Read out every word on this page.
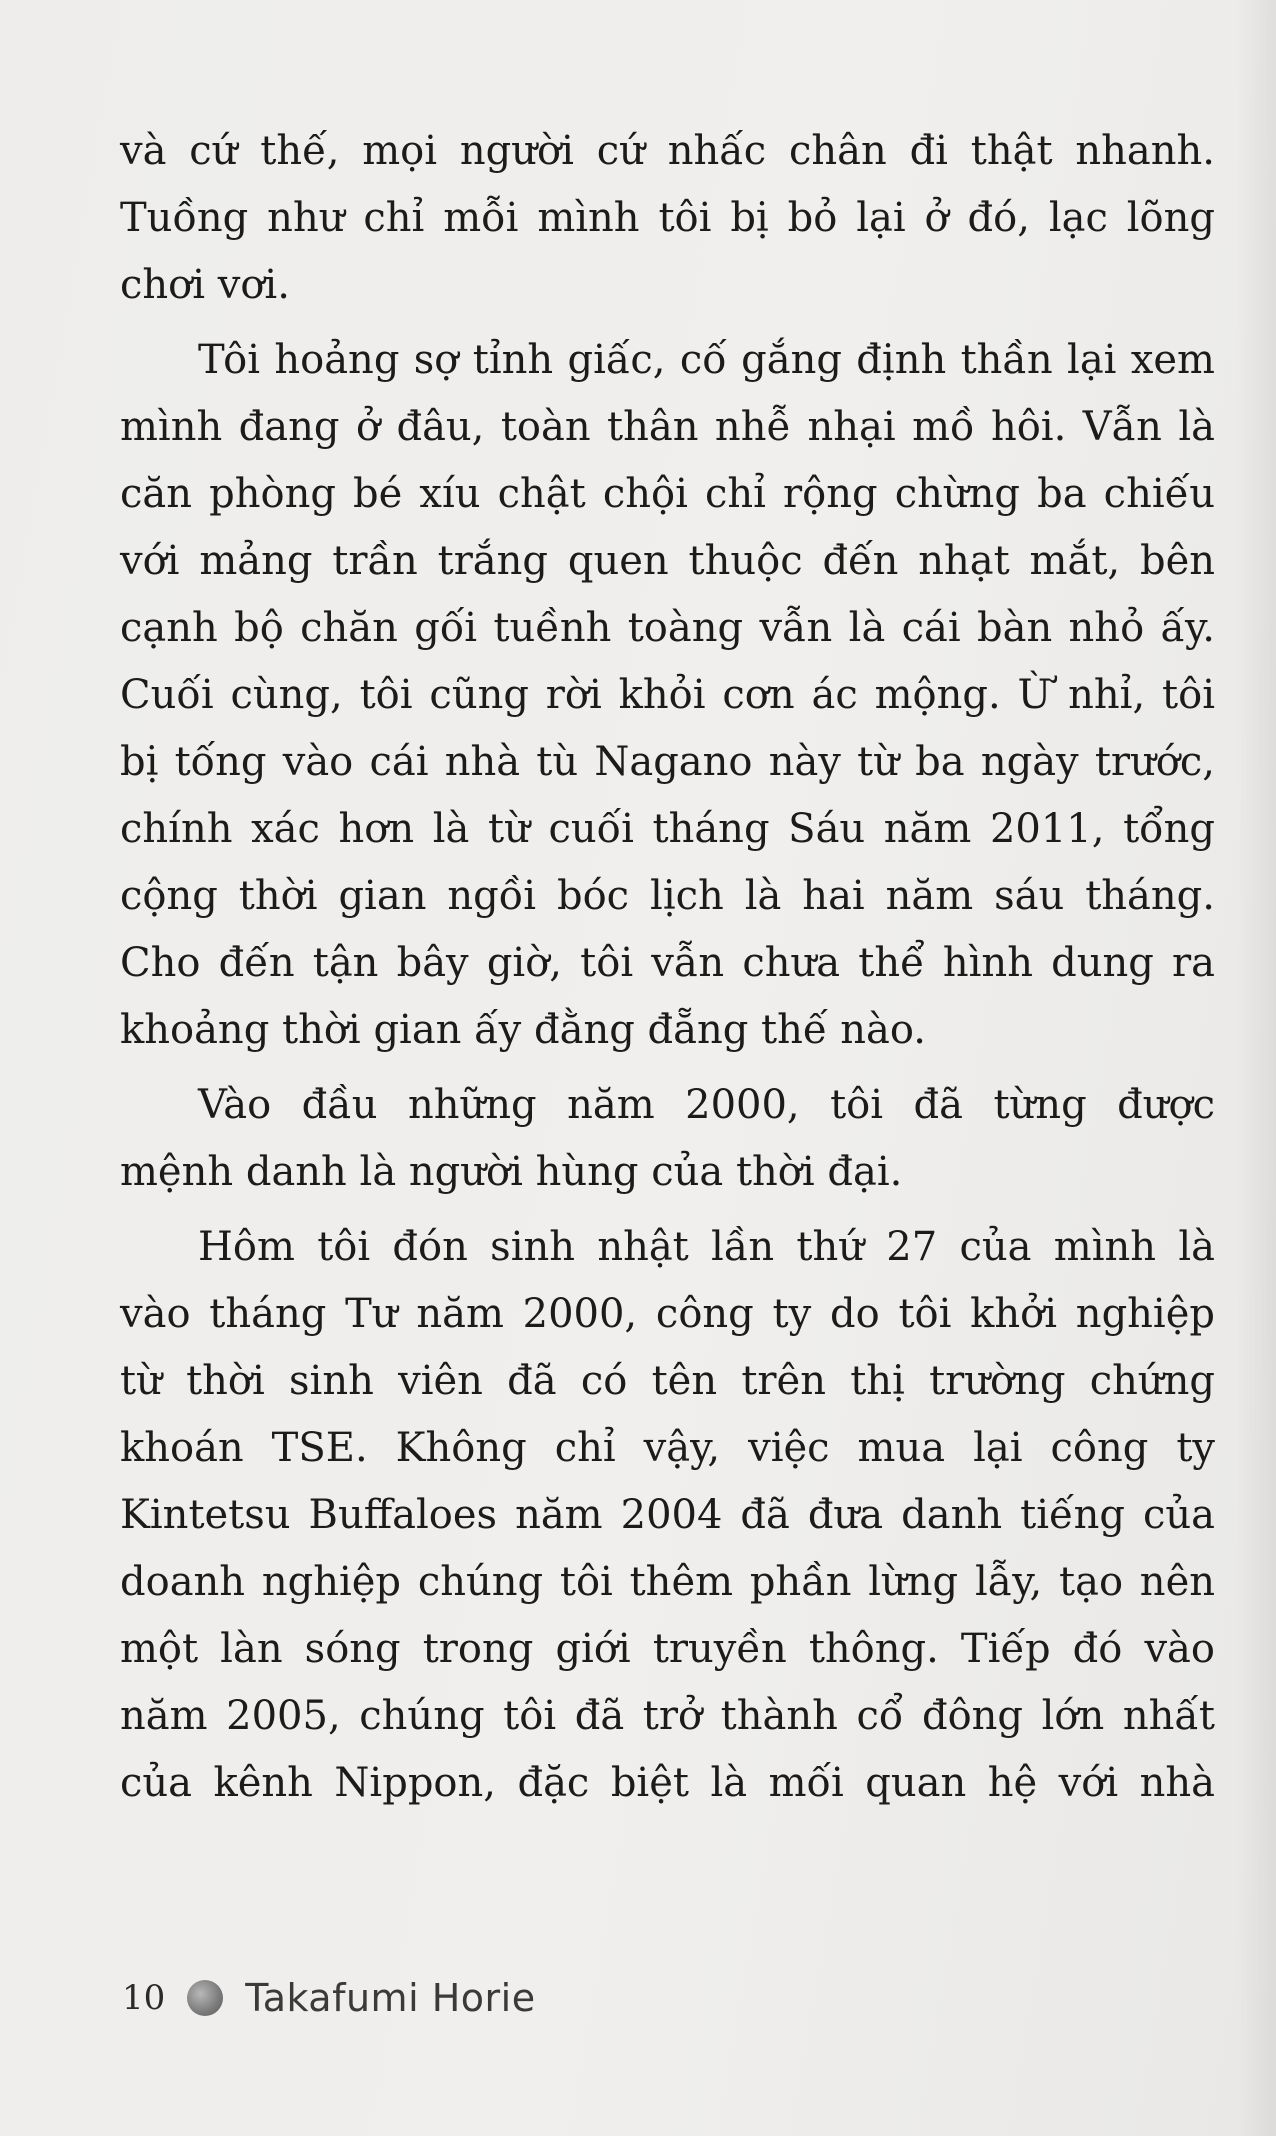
và cứ thế, mọi người cứ nhấc chân đi thật nhanh.
Tuồng như chỉ mỗi mình tôi bị bỏ lại ở đó, lạc lõng
chơi vơi.
Tôi hoảng sợ tỉnh giấc, cố gắng định thần lại xem
mình đang ở đâu, toàn thân nhễ nhại mồ hôi. Vẫn là
căn phòng bé xíu chật chội chỉ rộng chừng ba chiếu
với mảng trần trắng quen thuộc đến nhạt mắt, bên
cạnh bộ chăn gối tuềnh toàng vẫn là cái bàn nhỏ ấy.
Cuối cùng, tôi cũng rời khỏi cơn ác mộng. Ừ nhỉ, tôi
bị tống vào cái nhà tù Nagano này từ ba ngày trước,
chính xác hơn là từ cuối tháng Sáu năm 2011, tổng
cộng thời gian ngồi bóc lịch là hai năm sáu tháng.
Cho đến tận bây giờ, tôi vẫn chưa thể hình dung ra
khoảng thời gian ấy đằng đẵng thế nào.
Vào đầu những năm 2000, tôi đã từng được
mệnh danh là người hùng của thời đại.
Hôm tôi đón sinh nhật lần thứ 27 của mình là
vào tháng Tư năm 2000, công ty do tôi khởi nghiệp
từ thời sinh viên đã có tên trên thị trường chứng
khoán TSE. Không chỉ vậy, việc mua lại công ty
Kintetsu Buffaloes năm 2004 đã đưa danh tiếng của
doanh nghiệp chúng tôi thêm phần lừng lẫy, tạo nên
một làn sóng trong giới truyền thông. Tiếp đó vào
năm 2005, chúng tôi đã trở thành cổ đông lớn nhất
của kênh Nippon, đặc biệt là mối quan hệ với nhà
10 Takafumi Horie
